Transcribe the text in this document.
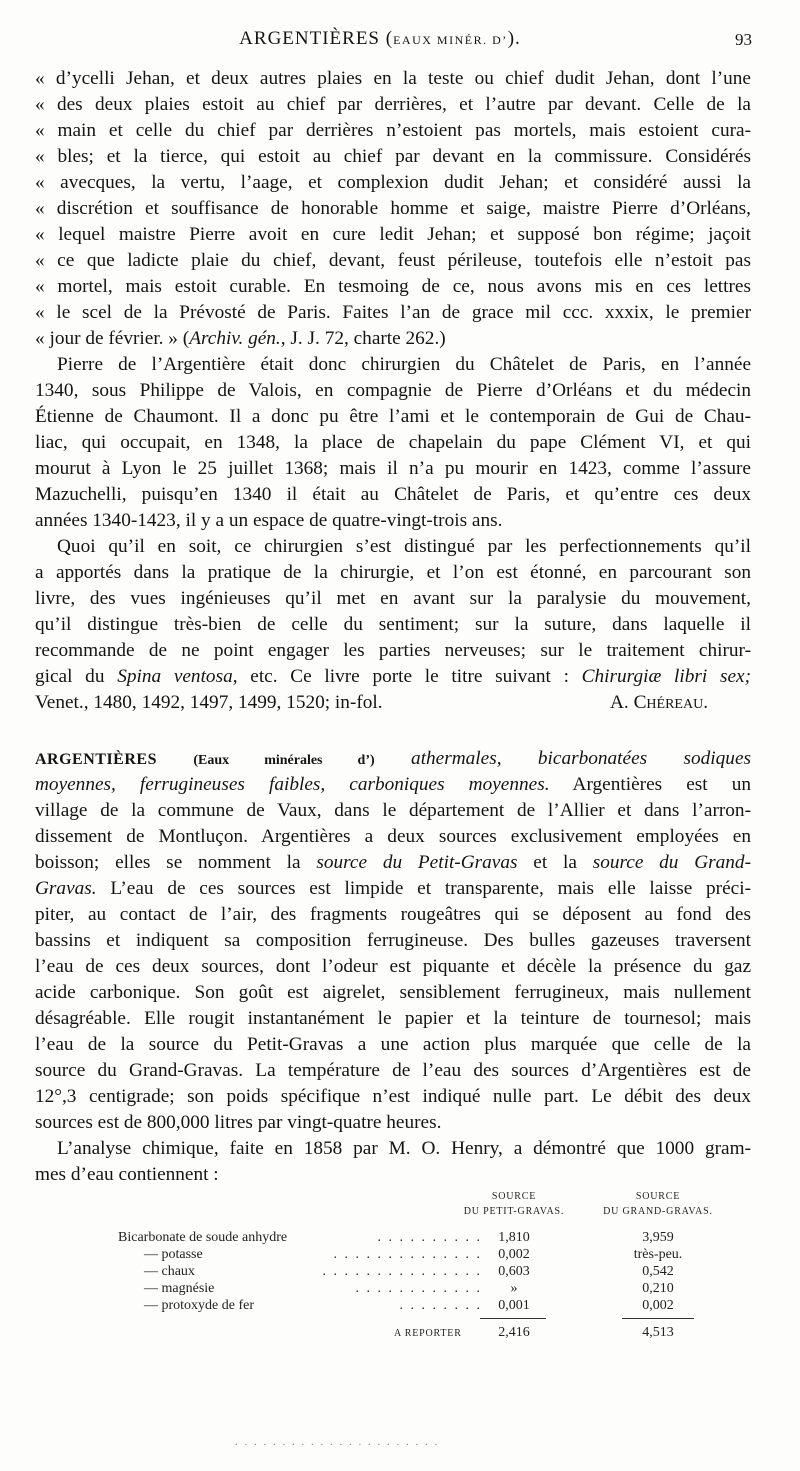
ARGENTIÈRES (EAUX MINÉR. D’).	93
« d’ycelli Jehan, et deux autres plaies en la teste ou chief dudit Jehan, dont l’une
« des deux plaies estoit au chief par derrières, et l’autre par devant. Celle de la
« main et celle du chief par derrières n’estoient pas mortels, mais estoient cura-
« bles; et la tierce, qui estoit au chief par devant en la commissure. Considérés
« avecques, la vertu, l’aage, et complexion dudit Jehan; et considéré aussi la
« discrétion et souffisance de honorable homme et saige, maistre Pierre d’Orléans,
« lequel maistre Pierre avoit en cure ledit Jehan; et supposé bon régime; jaçoit
« ce que ladicte plaie du chief, devant, feust périleuse, toutefois elle n’estoit pas
« mortel, mais estoit curable. En tesmoing de ce, nous avons mis en ces lettres
« le scel de la Prévosté de Paris. Faites l’an de grace mil ccc. xxxix, le premier
« jour de février. » (Archiv. gén., J. J. 72, charte 262.)
Pierre de l’Argentière était donc chirurgien du Châtelet de Paris, en l’année
1340, sous Philippe de Valois, en compagnie de Pierre d’Orléans et du médecin
Étienne de Chaumont. Il a donc pu être l’ami et le contemporain de Gui de Chau-
liac, qui occupait, en 1348, la place de chapelain du pape Clément VI, et qui
mourut à Lyon le 25 juillet 1368; mais il n’a pu mourir en 1423, comme l’assure
Mazuchelli, puisqu’en 1340 il était au Châtelet de Paris, et qu’entre ces deux
années 1340-1423, il y a un espace de quatre-vingt-trois ans.
Quoi qu’il en soit, ce chirurgien s’est distingué par les perfectionnements qu’il
a apportés dans la pratique de la chirurgie, et l’on est étonné, en parcourant son
livre, des vues ingénieuses qu’il met en avant sur la paralysie du mouvement,
qu’il distingue très-bien de celle du sentiment; sur la suture, dans laquelle il
recommande de ne point engager les parties nerveuses; sur le traitement chirur-
gical du Spina ventosa, etc. Ce livre porte le titre suivant : Chirurgiæ libri sex;
Venet., 1480, 1492, 1497, 1499, 1520; in-fol.	A. Chéreau.
ARGENTIÈRES	(Eaux minérales d’) athermales, bicarbonatées sodiques
moyennes, ferrugineuses faibles, carboniques moyennes. Argentières est un
village de la commune de Vaux, dans le département de l’Allier et dans l’arron-
dissement de Montluçon. Argentières a deux sources exclusivement employées en
boisson; elles se nomment la source du Petit-Gravas et la source du Grand-
Gravas. L’eau de ces sources est limpide et transparente, mais elle laisse préci-
piter, au contact de l’air, des fragments rougeâtres qui se déposent au fond des
bassins et indiquent sa composition ferrugineuse. Des bulles gazeuses traversent
l’eau de ces deux sources, dont l’odeur est piquante et décèle la présence du gaz
acide carbonique. Son goût est aigrelet, sensiblement ferrugineux, mais nullement
désagréable. Elle rougit instantanément le papier et la teinture de tournesol; mais
l’eau de la source du Petit-Gravas a une action plus marquée que celle de la
source du Grand-Gravas. La température de l’eau des sources d’Argentières est de
12°,3 centigrade; son poids spécifique n’est indiqué nulle part. Le débit des deux
sources est de 800,000 litres par vingt-quatre heures.
L’analyse chimique, faite en 1858 par M. O. Henry, a démontré que 1000 gram-
mes d’eau contiennent :
SOURCE
DU PETIT-GRAVAS.
SOURCE
DU GRAND-GRAVAS.
Bicarbonate de soude anhydre	. . . . . . . . . .	1,810	3,959
— potasse	. . . . . . . . . . . . . .	0,002	très-peu.
— chaux	. . . . . . . . . . . . . . .	0,603	0,542
— magnésie	. . . . . . . . . . . .	»	0,210
— protoxyde de fer	. . . . . . . .	0,001	0,002
A REPORTER	2,416	4,513
. . . . . . . . . . . . . . . . . . . . . .
